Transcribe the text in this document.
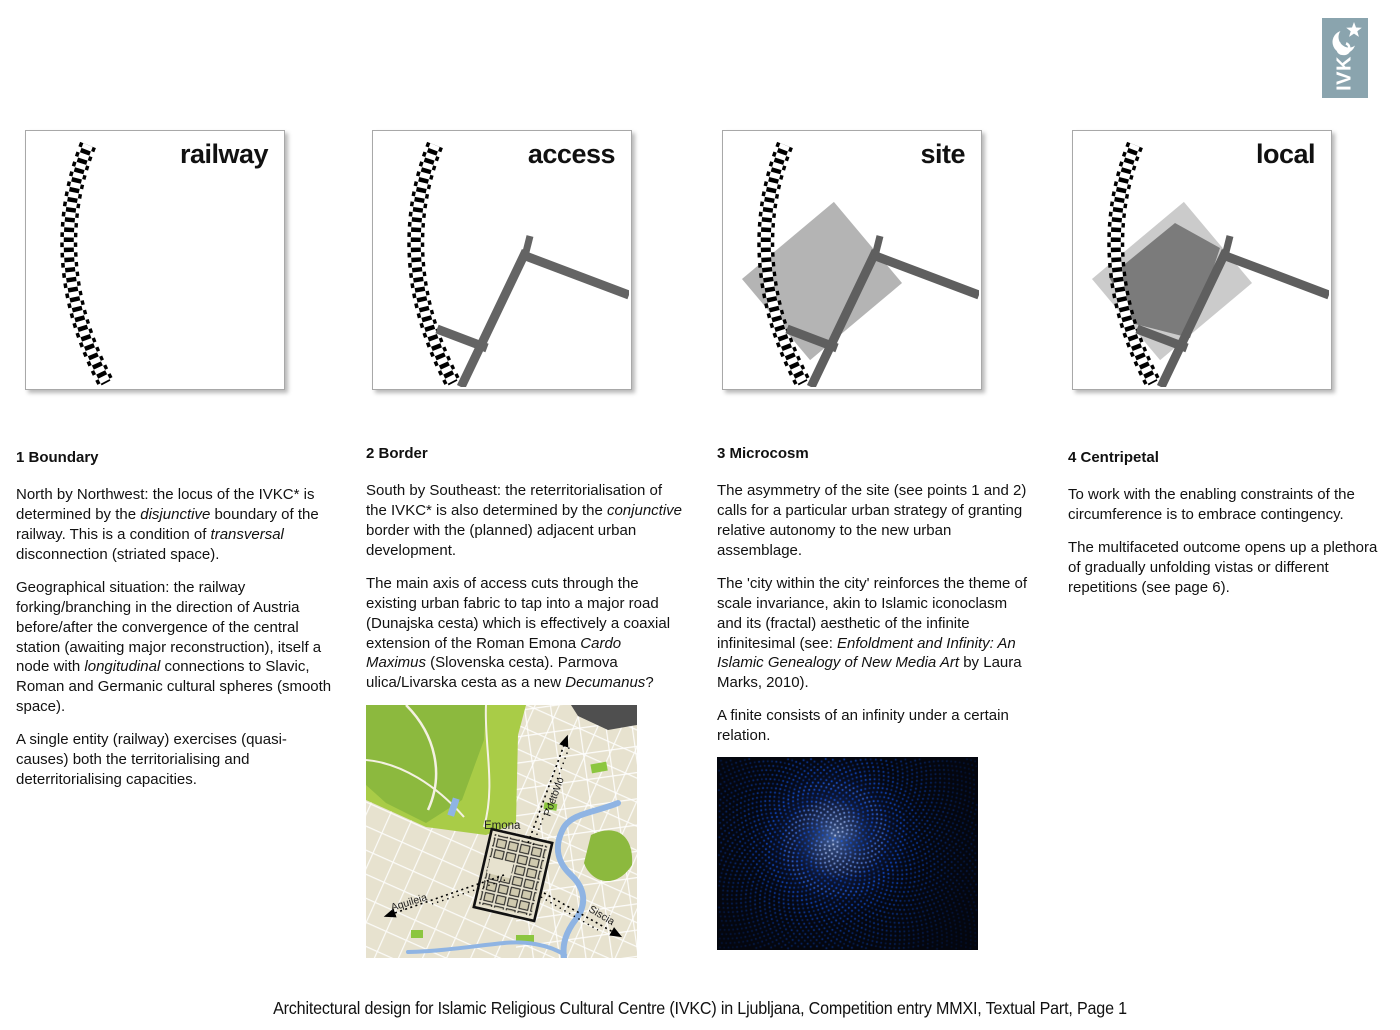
IVKC
railway	access	site	local
1 Boundary

North by Northwest: the locus of the IVKC* is determined by the disjunctive boundary of the railway. This is a condition of transversal disconnection (striated space).

Geographical situation: the railway forking/branching in the direction of Austria before/after the convergence of the central station (awaiting major reconstruction), itself a node with longitudinal connections to Slavic, Roman and Germanic cultural spheres (smooth space).

A single entity (railway) exercises (quasi-causes) both the territorialising and deterritorialising capacities.

2 Border

South by Southeast: the reterritorialisation of the IVKC* is also determined by the conjunctive border with the (planned) adjacent urban development.

The main axis of access cuts through the existing urban fabric to tap into a major road (Dunajska cesta) which is effectively a coaxial extension of the Roman Emona Cardo Maximus (Slovenska cesta). Parmova ulica/Livarska cesta as a new Decumanus?

3 Microcosm

The asymmetry of the site (see points 1 and 2) calls for a particular urban strategy of granting relative autonomy to the new urban assemblage.

The 'city within the city' reinforces the theme of scale invariance, akin to Islamic iconoclasm and its (fractal) aesthetic of the infinite infinitesimal (see: Enfoldment and Infinity: An Islamic Genealogy of New Media Art by Laura Marks, 2010).

A finite consists of an infinity under a certain relation.

4 Centripetal

To work with the enabling constraints of the circumference is to embrace contingency.

The multifaceted outcome opens up a plethora of gradually unfolding vistas or different repetitions (see page 6).

Emona
Poetovio
Aquileia
Siscia
Architectural design for Islamic Religious Cultural Centre (IVKC) in Ljubljana, Competition entry MMXI, Textual Part, Page 1
